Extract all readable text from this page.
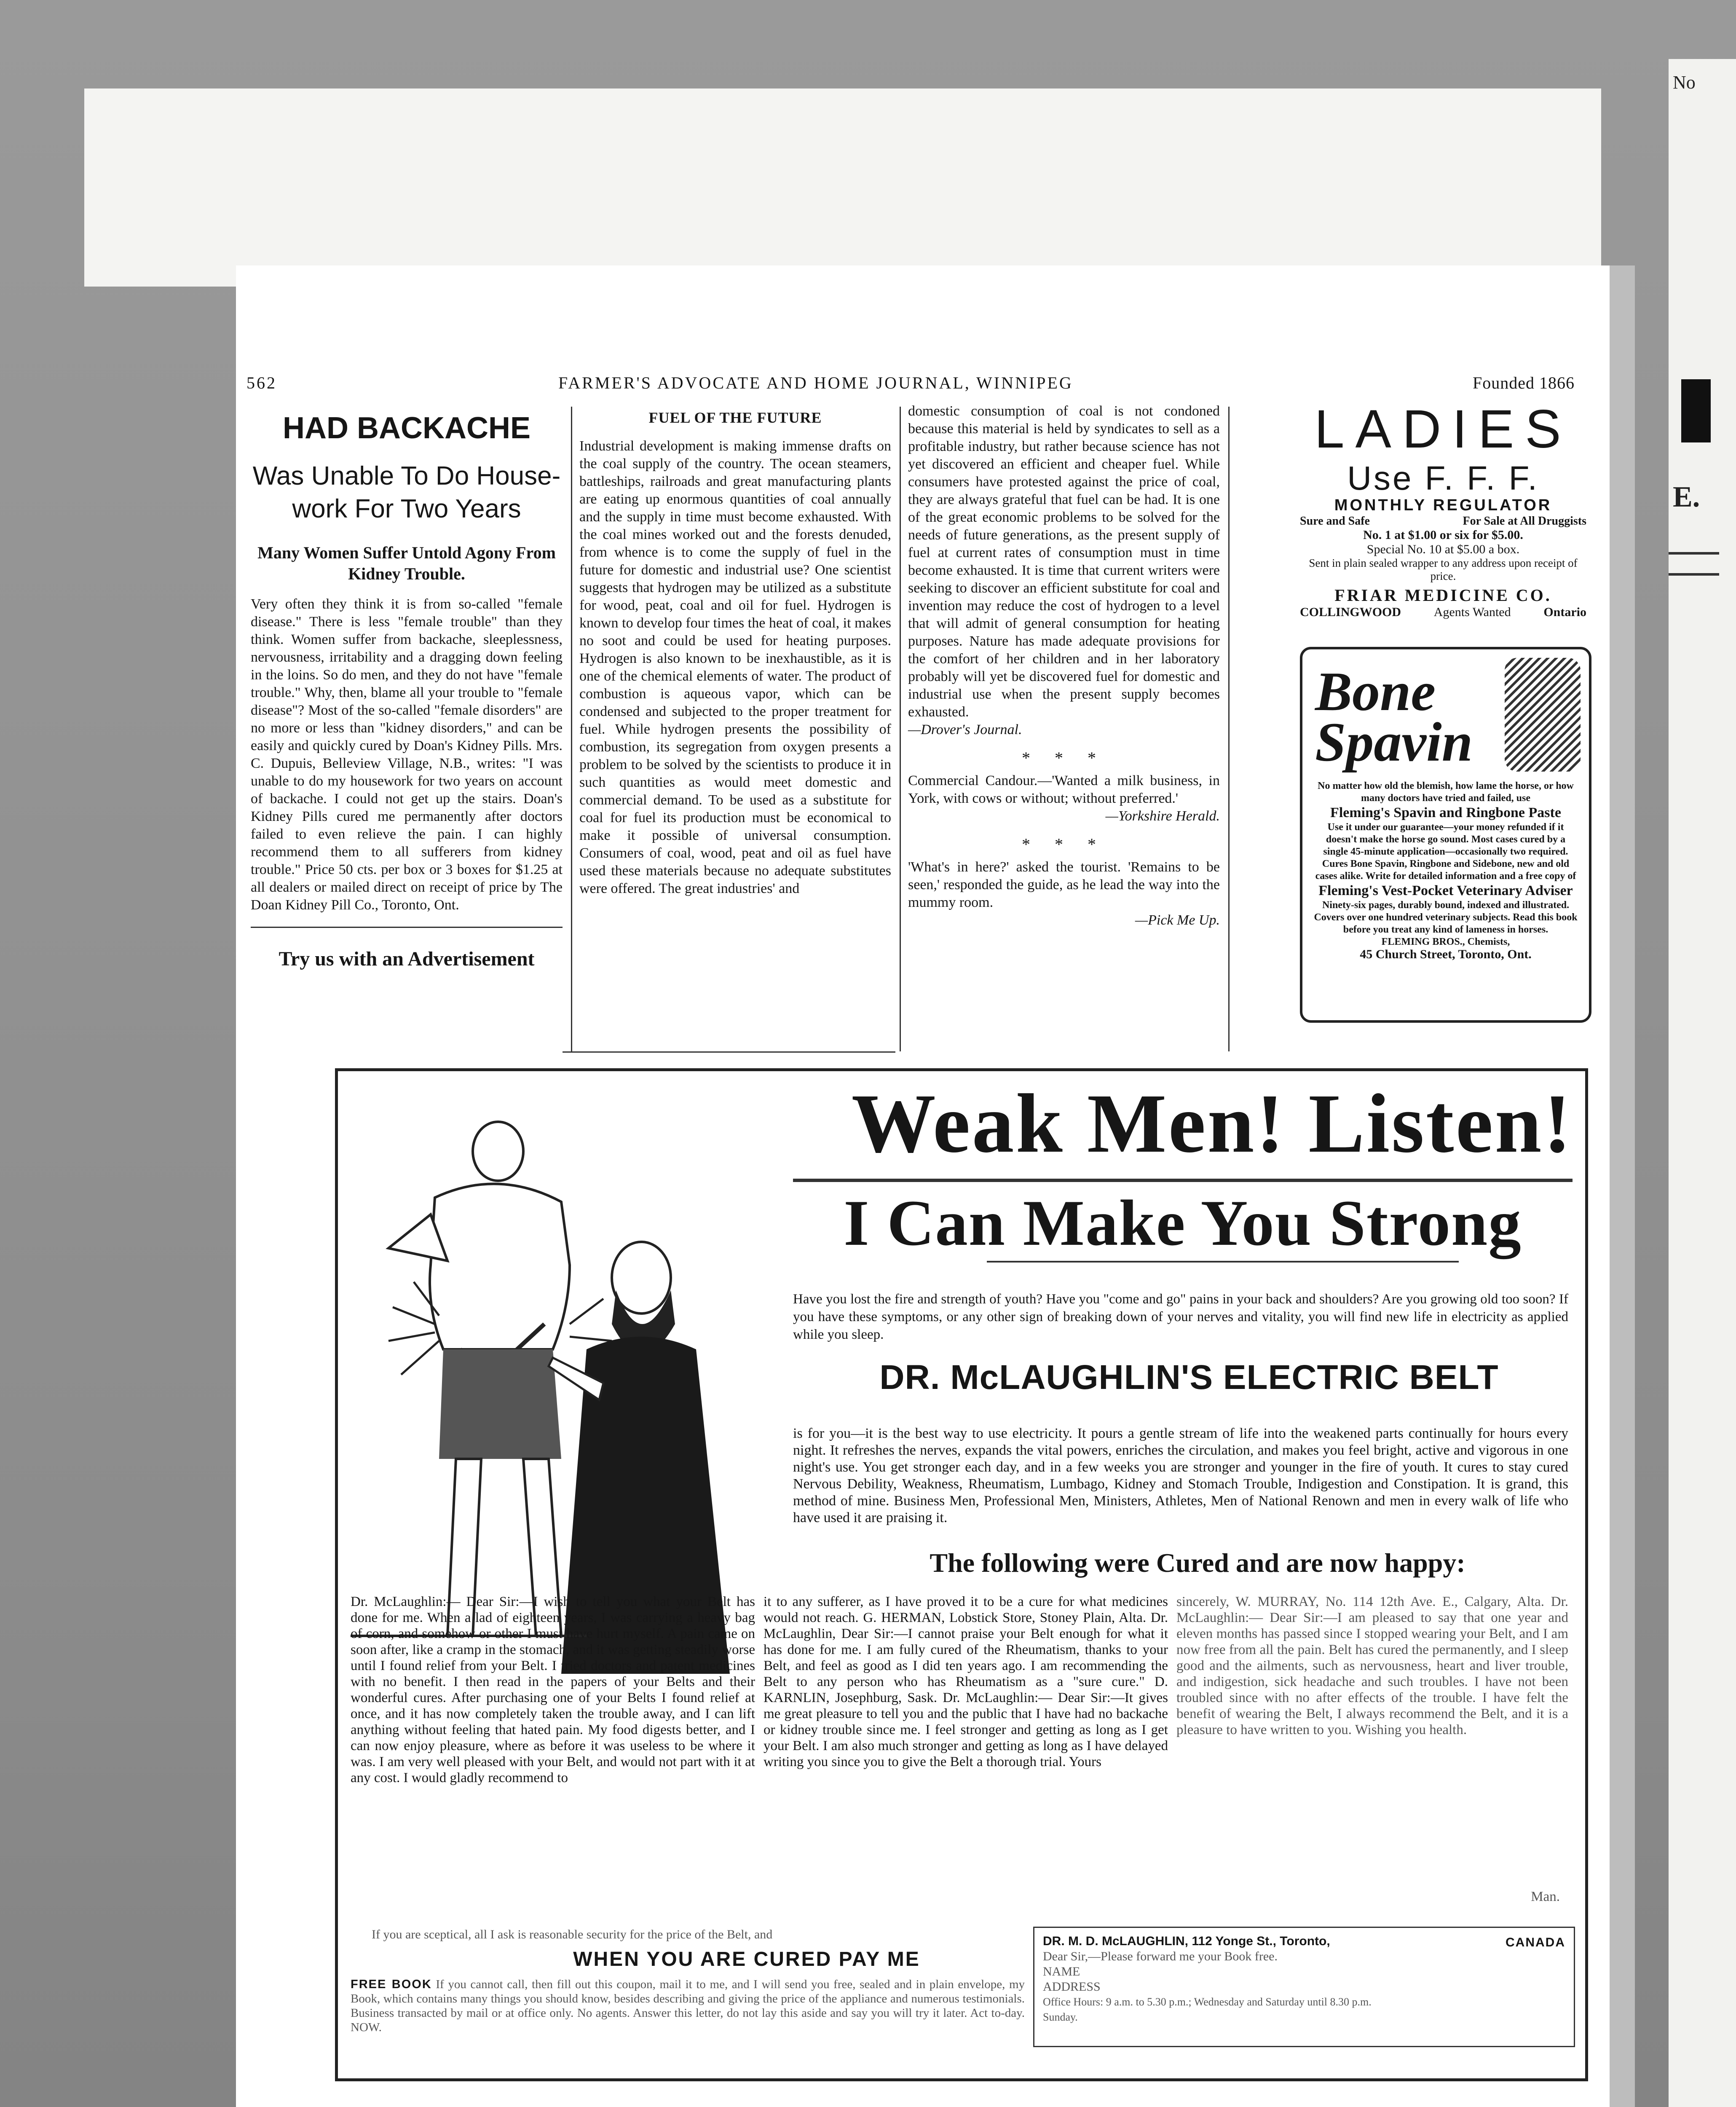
No
E.
562	FARMER'S ADVOCATE AND HOME JOURNAL, WINNIPEG	Founded 1866
HAD BACKACHE
Was Unable To Do House-work For Two Years
Many Women Suffer Untold Agony From Kidney Trouble.
Very often they think it is from so-called "female disease." There is less "female trouble" than they think. Women suffer from backache, sleeplessness, nervousness, irritability and a dragging down feeling in the loins. So do men, and they do not have "female trouble." Why, then, blame all your trouble to "female disease"? Most of the so-called "female disorders" are no more or less than "kidney disorders," and can be easily and quickly cured by Doan's Kidney Pills. Mrs. C. Dupuis, Belleview Village, N.B., writes: "I was unable to do my housework for two years on account of backache. I could not get up the stairs. Doan's Kidney Pills cured me permanently after doctors failed to even relieve the pain. I can highly recommend them to all sufferers from kidney trouble." Price 50 cts. per box or 3 boxes for $1.25 at all dealers or mailed direct on receipt of price by The Doan Kidney Pill Co., Toronto, Ont.
Try us with an Advertisement
FUEL OF THE FUTURE
Industrial development is making immense drafts on the coal supply of the country. The ocean steamers, battleships, railroads and great manufacturing plants are eating up enormous quantities of coal annually and the supply in time must become exhausted. With the coal mines worked out and the forests denuded, from whence is to come the supply of fuel in the future for domestic and industrial use? One scientist suggests that hydrogen may be utilized as a substitute for wood, peat, coal and oil for fuel. Hydrogen is known to develop four times the heat of coal, it makes no soot and could be used for heating purposes. Hydrogen is also known to be inexhaustible, as it is one of the chemical elements of water. The product of combustion is aqueous vapor, which can be condensed and subjected to the proper treatment for fuel. While hydrogen presents the possibility of combustion, its segregation from oxygen presents a problem to be solved by the scientists to produce it in such quantities as would meet domestic and commercial demand. To be used as a substitute for coal for fuel its production must be economical to make it possible of universal consumption. Consumers of coal, wood, peat and oil as fuel have used these materials because no adequate substitutes were offered. The great industries' and
domestic consumption of coal is not condoned because this material is held by syndicates to sell as a profitable industry, but rather because science has not yet discovered an efficient and cheaper fuel. While consumers have protested against the price of coal, they are always grateful that fuel can be had. It is one of the great economic problems to be solved for the needs of future generations, as the present supply of fuel at current rates of consumption must in time become exhausted. It is time that current writers were seeking to discover an efficient substitute for coal and invention may reduce the cost of hydrogen to a level that will admit of general consumption for heating purposes. Nature has made adequate provisions for the comfort of her children and in her laboratory probably will yet be discovered fuel for domestic and industrial use when the present supply becomes exhausted.
—Drover's Journal.
* * *
Commercial Candour.—'Wanted a milk business, in York, with cows or without; without preferred.'
—Yorkshire Herald.
* * *
'What's in here?' asked the tourist. 'Remains to be seen,' responded the guide, as he lead the way into the mummy room.
—Pick Me Up.
LADIES
Use F. F. F.
MONTHLY REGULATOR
Sure and Safe	For Sale at All Druggists
No. 1 at $1.00 or six for $5.00.
Special No. 10 at $5.00 a box.
Sent in plain sealed wrapper to any address upon receipt of price.
FRIAR MEDICINE CO.
COLLINGWOOD	Agents Wanted	Ontario
Bone
Spavin
No matter how old the blemish, how lame the horse, or how many doctors have tried and failed, use
Fleming's Spavin and Ringbone Paste
Use it under our guarantee—your money refunded if it doesn't make the horse go sound. Most cases cured by a single 45-minute application—occasionally two required. Cures Bone Spavin, Ringbone and Sidebone, new and old cases alike. Write for detailed information and a free copy of
Fleming's Vest-Pocket Veterinary Adviser
Ninety-six pages, durably bound, indexed and illustrated. Covers over one hundred veterinary subjects. Read this book before you treat any kind of lameness in horses.
FLEMING BROS., Chemists,
45 Church Street, Toronto, Ont.
Weak Men! Listen!
I Can Make You Strong
Have you lost the fire and strength of youth? Have you "come and go" pains in your back and shoulders? Are you growing old too soon? If you have these symptoms, or any other sign of breaking down of your nerves and vitality, you will find new life in electricity as applied while you sleep.
DR. McLAUGHLIN'S ELECTRIC BELT
is for you—it is the best way to use electricity. It pours a gentle stream of life into the weakened parts continually for hours every night. It refreshes the nerves, expands the vital powers, enriches the circulation, and makes you feel bright, active and vigorous in one night's use. You get stronger each day, and in a few weeks you are stronger and younger in the fire of youth. It cures to stay cured Nervous Debility, Weakness, Rheumatism, Lumbago, Kidney and Stomach Trouble, Indigestion and Constipation. It is grand, this method of mine. Business Men, Professional Men, Ministers, Athletes, Men of National Renown and men in every walk of life who have used it are praising it.
The following were Cured and are now happy:
Dr. McLaughlin:— Dear Sir:—I wish to tell you what your Belt has done for me. When a lad of eighteen years, I was carrying a heavy bag of corn, and somehow or other I must have hurt myself. A pain came on soon after, like a cramp in the stomach, and it was getting steadily worse until I found relief from your Belt. I tried doctors and patent medicines with no benefit. I then read in the papers of your Belts and their wonderful cures. After purchasing one of your Belts I found relief at once, and it has now completely taken the trouble away, and I can lift anything without feeling that hated pain. My food digests better, and I can now enjoy pleasure, where as before it was useless to be where it was. I am very well pleased with your Belt, and would not part with it at any cost. I would gladly recommend to
it to any sufferer, as I have proved it to be a cure for what medicines would not reach. G. HERMAN, Lobstick Store, Stoney Plain, Alta. Dr. McLaughlin, Dear Sir:—I cannot praise your Belt enough for what it has done for me. I am fully cured of the Rheumatism, thanks to your Belt, and feel as good as I did ten years ago. I am recommending the Belt to any person who has Rheumatism as a "sure cure." D. KARNLIN, Josephburg, Sask. Dr. McLaughlin:— Dear Sir:—It gives me great pleasure to tell you and the public that I have had no backache or kidney trouble since me. I feel stronger and getting as long as I get your Belt. I am also much stronger and getting as long as I have delayed writing you since you to give the Belt a thorough trial. Yours
sincerely, W. MURRAY, No. 114 12th Ave. E., Calgary, Alta. Dr. McLaughlin:— Dear Sir:—I am pleased to say that one year and eleven months has passed since I stopped wearing your Belt, and I am now free from all the pain. Belt has cured the permanently, and I sleep good and the ailments, such as nervousness, heart and liver trouble, and indigestion, sick headache and such troubles. I have not been troubled since with no after effects of the trouble. I have felt the benefit of wearing the Belt, I always recommend the Belt, and it is a pleasure to have written to you. Wishing you health.
Man.
If you are sceptical, all I ask is reasonable security for the price of the Belt, and
WHEN YOU ARE CURED PAY ME
FREE BOOK If you cannot call, then fill out this coupon, mail it to me, and I will send you free, sealed and in plain envelope, my Book, which contains many things you should know, besides describing and giving the price of the appliance and numerous testimonials. Business transacted by mail or at office only. No agents. Answer this letter, do not lay this aside and say you will try it later. Act to-day. NOW.
CANADA
DR. M. D. McLAUGHLIN, 112 Yonge St., Toronto,
Dear Sir,—Please forward me your Book free.
NAME
ADDRESS
Office Hours: 9 a.m. to 5.30 p.m.; Wednesday and Saturday until 8.30 p.m.
Sunday.
